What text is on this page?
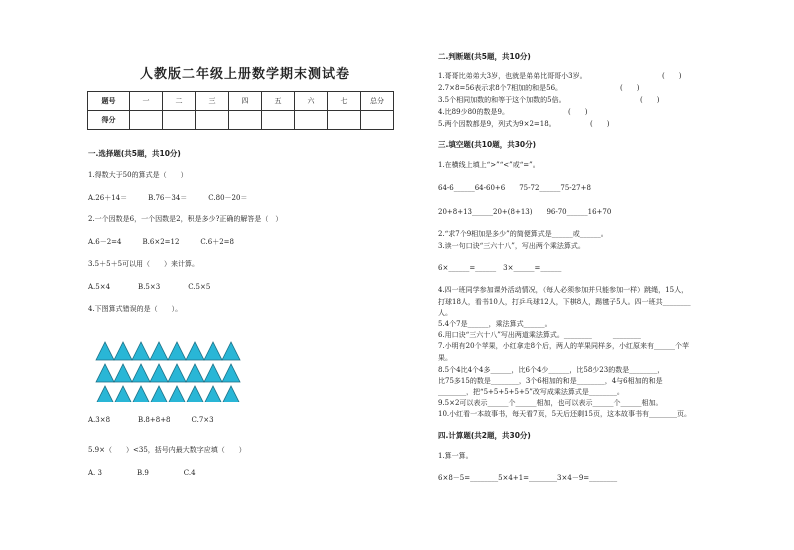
人教版二年级上册数学期末测试卷
题号	一	二	三	四	五	六	七	总分
得分								
一.选择题(共5题，共10分)
1.得数大于50的算式是（　　）
A.26＋14＝　　　B.76－34＝　　　C.80－20＝
2.一个因数是6，一个因数是2，积是多少?正确的解答是（　）
A.6－2=4　　　B.6×2=12　　　C.6＋2=8
3.5＋5＋5可以用（　　）来计算。
A.5×4　　　　B.5×3　　　　C.5×5
4.下图算式错误的是（　　）。
A.3×8　　　　B.8+8+8　　　C.7×3
5.9×（　　）<35，括号内最大数字应填（　　）
A. 3　　　　　B.9　　　　　C.4
二.判断题(共5题，共10分)
1.哥哥比弟弟大3岁，也就是弟弟比哥哥小3岁。	(　　)
2.7×8=56表示求8个7相加的和是56。	(　　)
3.5个相同加数的和等于这个加数的5倍。	(　　)
4.比89少80的数是9。	(　　)
5.两个因数都是9，列式为9×2=18。	(　　)
三.填空题(共10题，共30分)
1.在横线上填上“>”“<”或“=”。
64-6______64-60+6　　75-72______75-27+8
20+8+13______20+(8+13)　　96-70______16+70
2.“求7个9相加是多少”的简便算式是______或______。
3.读一句口诀“三六十八”，写出两个乘法算式。
6×______=______　3×______=______
4.四一班同学参加课外活动情况，（每人必须参加并只能参加一样）跳绳，15人，
打球18人，看书10人，打乒乓球12人，下棋8人，踢毽子5人。四一班共________
人。
5.4个7是______，乘法算式______。
6.用口诀“三六十八”写出两道乘法算式。________　　　________
7.小明有20个苹果，小红拿走8个后，两人的苹果同样多，小红原来有______个苹
果。
8.5个4比4个4多______，比6个4少______，比58少23的数是________，
比75多15的数是________，3个6相加的和是________，4与6相加的和是
________，把“5+5+5+5+5”改写成乘法算式是________。
9.5×2可以表示______个______相加，也可以表示______个______相加。
10.小红看一本故事书，每天看7页，5天后还剩15页，这本故事书有________页。
四.计算题(共2题，共30分)
1.算一算。
6×8－5=________5×4+1=________3×4－9=________
